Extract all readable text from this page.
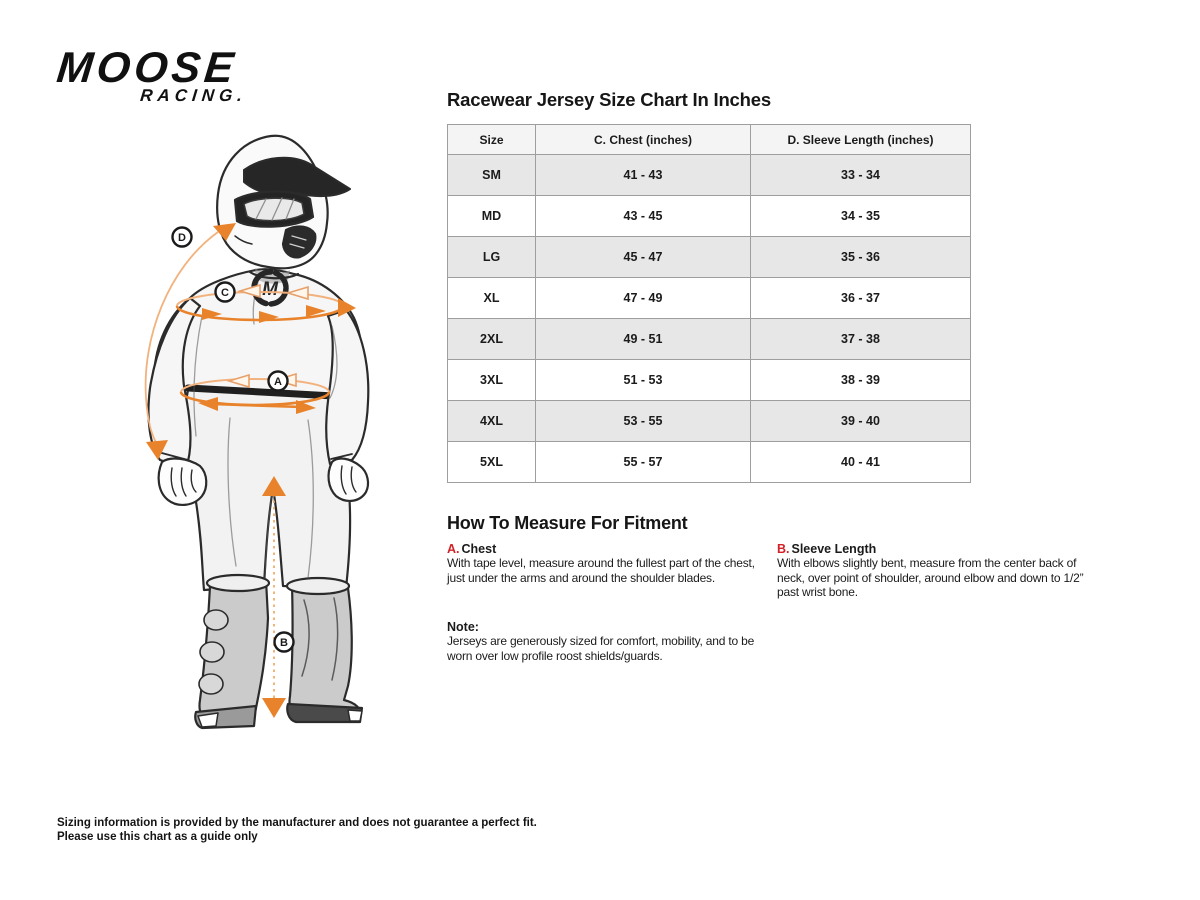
MOOSE
RACING.
M
D
C
A
B
Racewear Jersey Size Chart In Inches
Size	C. Chest (inches)	D. Sleeve Length (inches)
SM	41 - 43	33 - 34
MD	43 - 45	34 - 35
LG	45 - 47	35 - 36
XL	47 - 49	36 - 37
2XL	49 - 51	37 - 38
3XL	51 - 53	38 - 39
4XL	53 - 55	39 - 40
5XL	55 - 57	40 - 41
How To Measure For Fitment
A. Chest
With tape level, measure around the fullest part of the chest, just under the arms and around the shoulder blades.
B. Sleeve Length
With elbows slightly bent, measure from the center back of neck, over point of shoulder, around elbow and down to 1/2” past wrist bone.
Note:
Jerseys are generously sized for comfort, mobility, and to be worn over low profile roost shields/guards.
Sizing information is provided by the manufacturer and does not guarantee a perfect fit.
Please use this chart as a guide only
